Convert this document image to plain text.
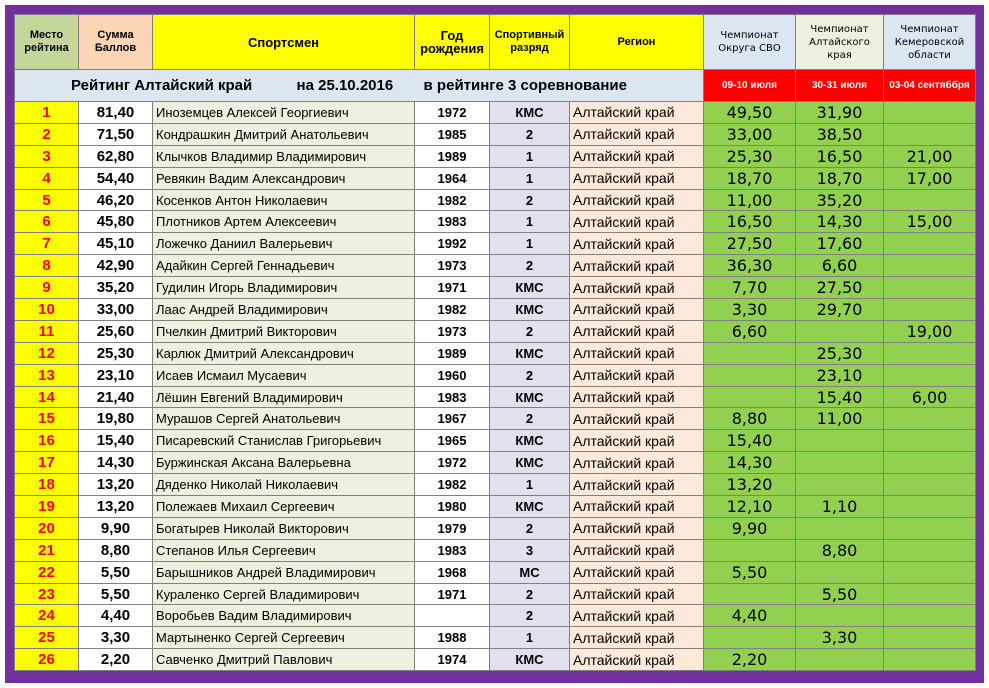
Место рейтина	Сумма Баллов	Спортсмен	Год рождения	Спортивный разряд	Регион	Чемпионат Округа СВО	Чемпионат Алтайского края	Чемпионат Кемеровской области
Рейтинг Алтайский край на 25.10.2016 в рейтинге 3 соревнование						09-10 июля	30-31 июля	03-04 сентяббря
1	81,40	Иноземцев Алексей Георгиевич	1972	КМС	Алтайский край	49,50	31,90	
2	71,50	Кондрашкин Дмитрий Анатольевич	1985	2	Алтайский край	33,00	38,50	
3	62,80	Клычков Владимир Владимирович	1989	1	Алтайский край	25,30	16,50	21,00
4	54,40	Ревякин Вадим Александрович	1964	1	Алтайский край	18,70	18,70	17,00
5	46,20	Косенков Антон Николаевич	1982	2	Алтайский край	11,00	35,20	
6	45,80	Плотников Артем Алексеевич	1983	1	Алтайский край	16,50	14,30	15,00
7	45,10	Ложечко Даниил Валерьевич	1992	1	Алтайский край	27,50	17,60	
8	42,90	Адайкин Сергей Геннадьевич	1973	2	Алтайский край	36,30	6,60	
9	35,20	Гудилин Игорь Владимирович	1971	КМС	Алтайский край	7,70	27,50	
10	33,00	Лаас Андрей Владимирович	1982	КМС	Алтайский край	3,30	29,70	
11	25,60	Пчелкин Дмитрий Викторович	1973	2	Алтайский край	6,60		19,00
12	25,30	Карлюк Дмитрий Александрович	1989	КМС	Алтайский край		25,30	
13	23,10	Исаев Исмаил Мусаевич	1960	2	Алтайский край		23,10	
14	21,40	Лёшин Евгений Владимирович	1983	КМС	Алтайский край		15,40	6,00
15	19,80	Мурашов Сергей Анатольевич	1967	2	Алтайский край	8,80	11,00	
16	15,40	Писаревский Станислав Григорьевич	1965	КМС	Алтайский край	15,40		
17	14,30	Буржинская Аксана Валерьевна	1972	КМС	Алтайский край	14,30		
18	13,20	Дяденко Николай Николаевич	1982	1	Алтайский край	13,20		
19	13,20	Полежаев Михаил Сергеевич	1980	КМС	Алтайский край	12,10	1,10	
20	9,90	Богатырев Николай Викторович	1979	2	Алтайский край	9,90		
21	8,80	Степанов Илья Сергеевич	1983	3	Алтайский край		8,80	
22	5,50	Барышников Андрей Владимирович	1968	МС	Алтайский край	5,50		
23	5,50	Кураленко Сергей Владимирович	1971	2	Алтайский край		5,50	
24	4,40	Воробьев Вадим Владимирович		2	Алтайский край	4,40		
25	3,30	Мартыненко Сергей Сергеевич	1988	1	Алтайский край		3,30	
26	2,20	Савченко Дмитрий Павлович	1974	КМС	Алтайский край	2,20		
